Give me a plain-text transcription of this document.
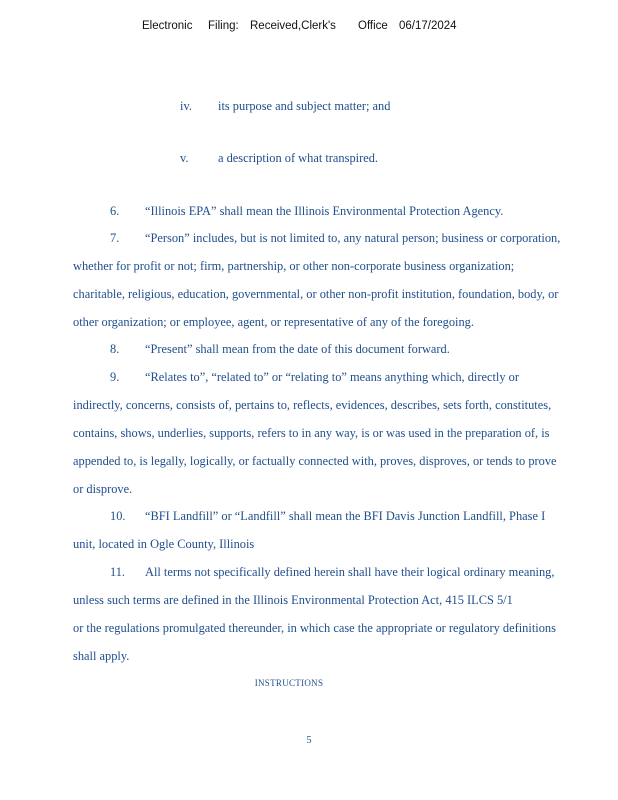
Electronic Filing: Received,Clerk's Office 06/17/2024
iv. its purpose and subject matter; and
v. a description of what transpired.
6. “Illinois EPA” shall mean the Illinois Environmental Protection Agency.
7. “Person” includes, but is not limited to, any natural person; business or corporation,
whether for profit or not; firm, partnership, or other non-corporate business organization;
charitable, religious, education, governmental, or other non-profit institution, foundation, body, or
other organization; or employee, agent, or representative of any of the foregoing.
8. “Present” shall mean from the date of this document forward.
9. “Relates to”, “related to” or “relating to” means anything which, directly or
indirectly, concerns, consists of, pertains to, reflects, evidences, describes, sets forth, constitutes,
contains, shows, underlies, supports, refers to in any way, is or was used in the preparation of, is
appended to, is legally, logically, or factually connected with, proves, disproves, or tends to prove
or disprove.
10. “BFI Landfill” or “Landfill” shall mean the BFI Davis Junction Landfill, Phase I
unit, located in Ogle County, Illinois
11. All terms not specifically defined herein shall have their logical ordinary meaning,
unless such terms are defined in the Illinois Environmental Protection Act, 415 ILCS 5/1
or the regulations promulgated thereunder, in which case the appropriate or regulatory definitions
shall apply.
INSTRUCTIONS
5
